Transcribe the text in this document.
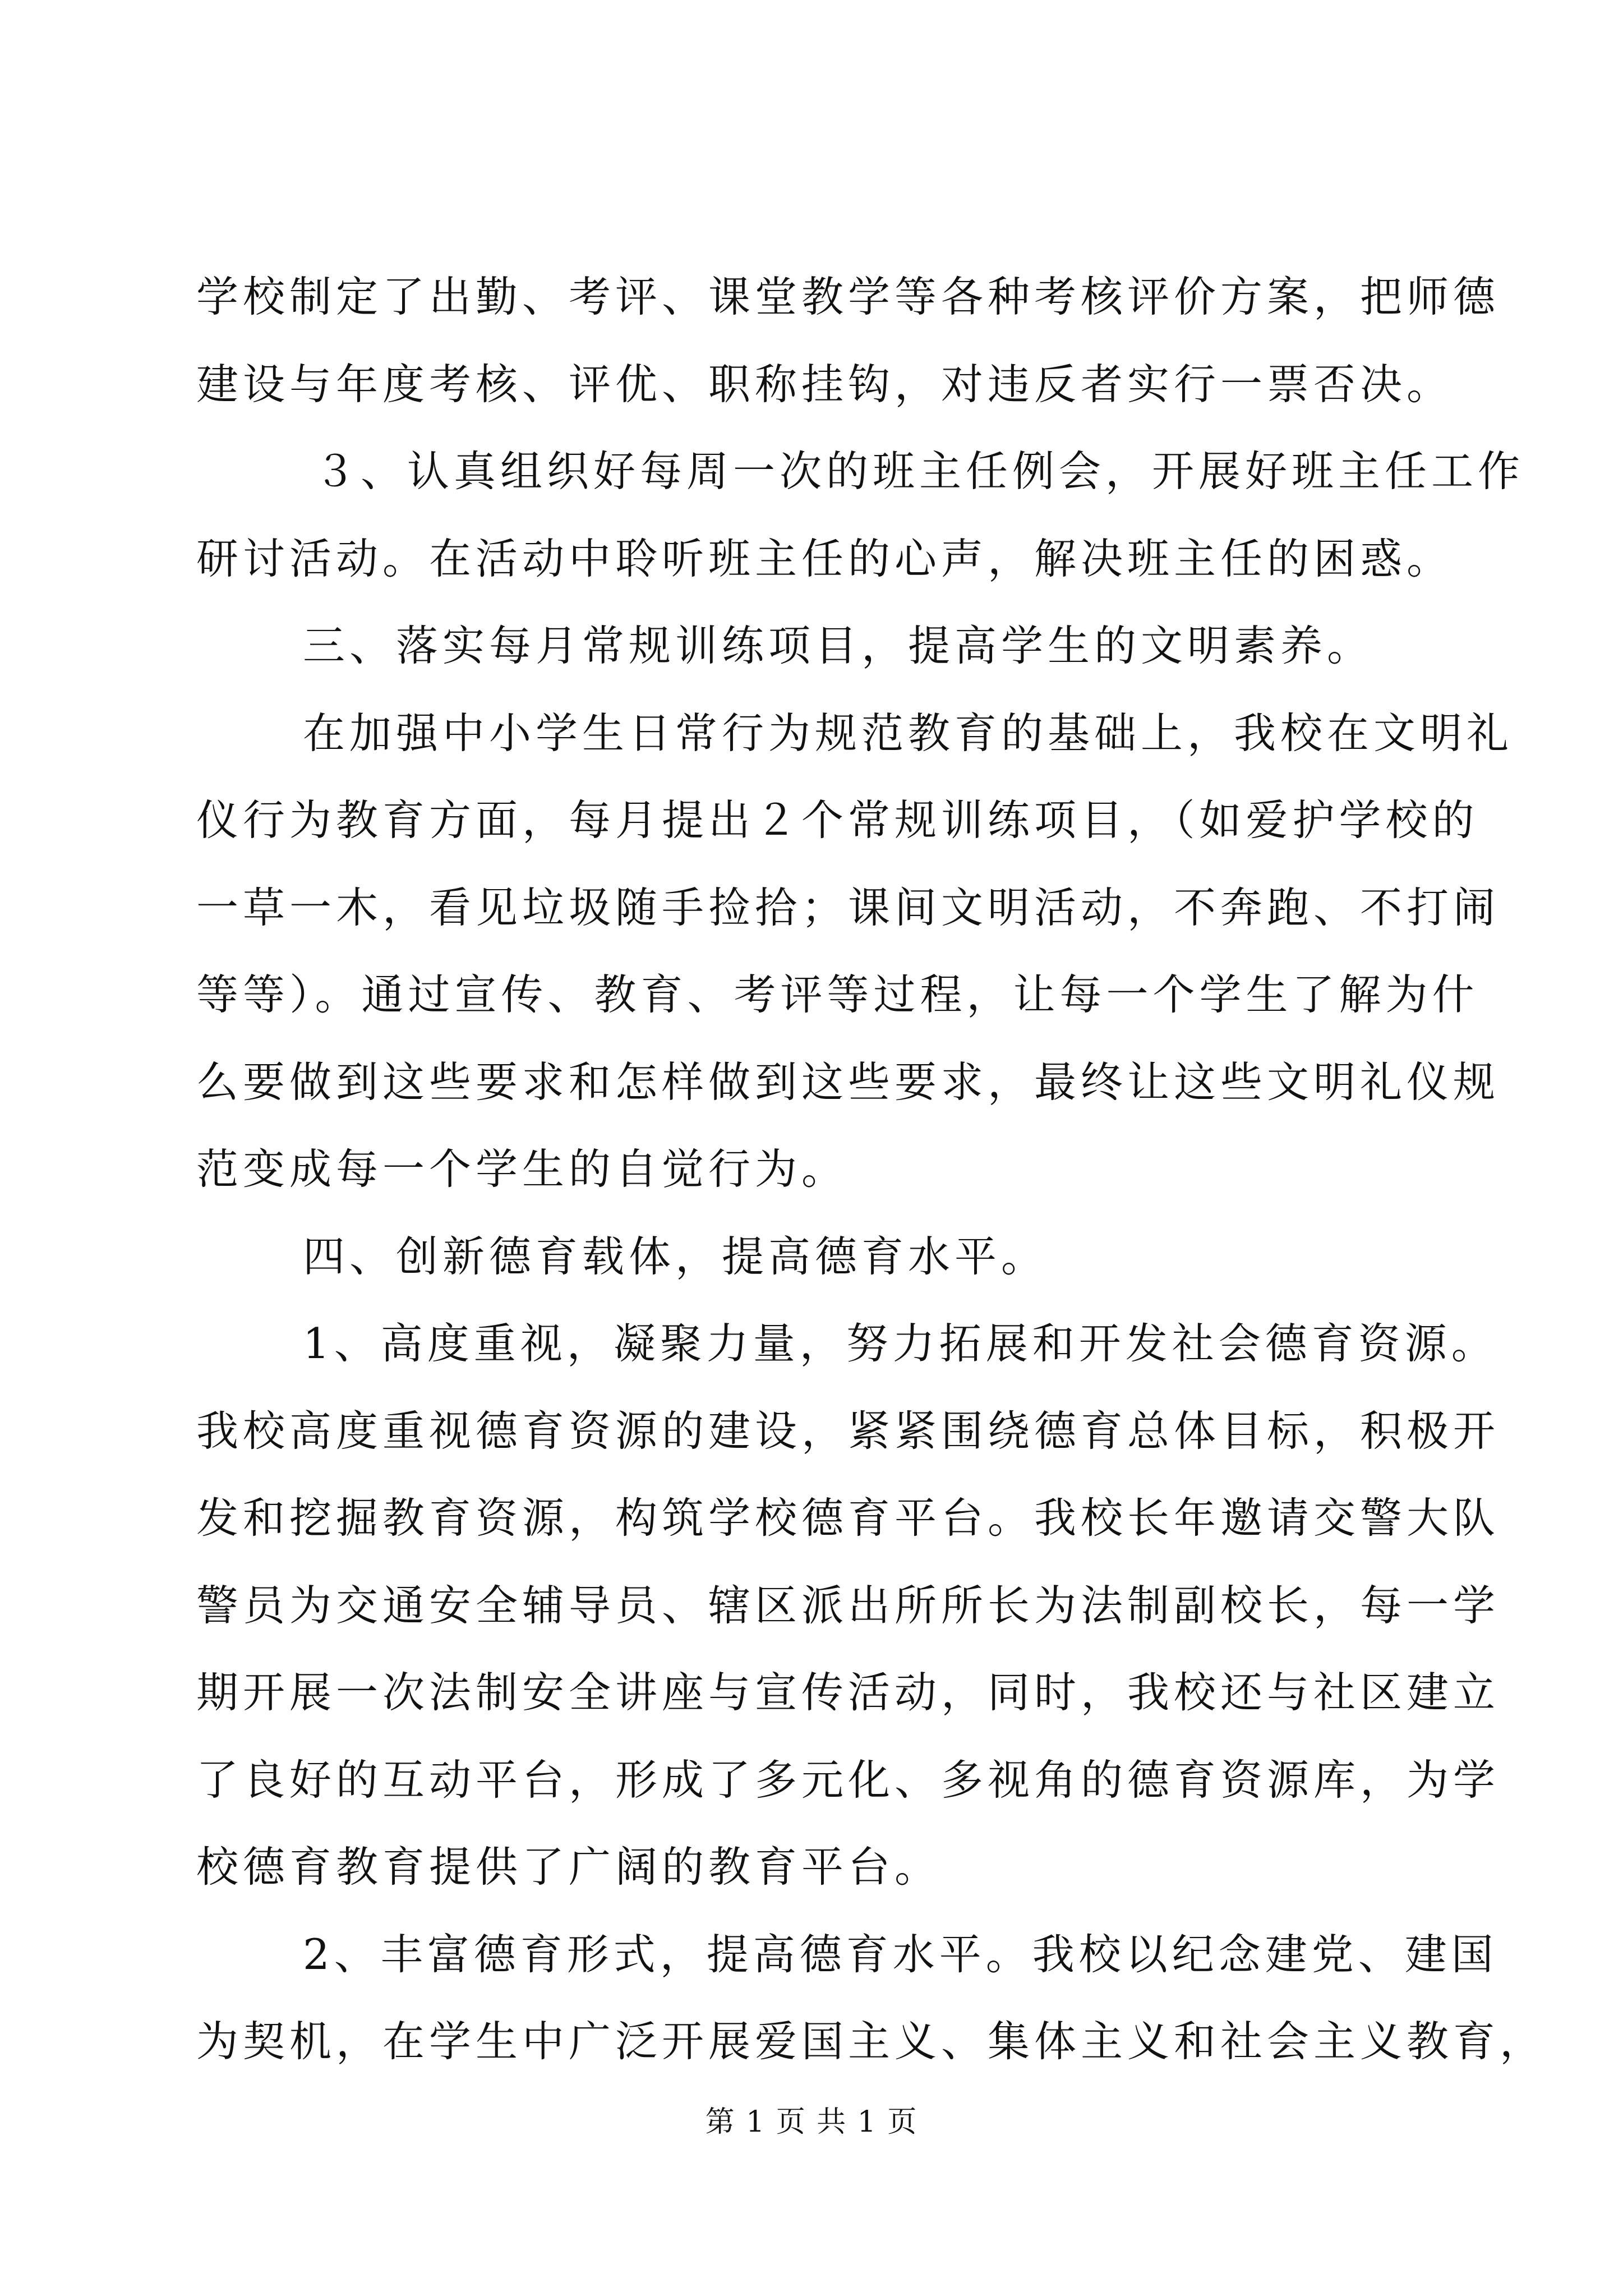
学校制定了出勤、考评、课堂教学等各种考核评价方案，把师德
建设与年度考核、评优、职称挂钩，对违反者实行一票否决。
３、认真组织好每周一次的班主任例会，开展好班主任工作
研讨活动。在活动中聆听班主任的心声，解决班主任的困惑。
三、落实每月常规训练项目，提高学生的文明素养。
在加强中小学生日常行为规范教育的基础上，我校在文明礼
仪行为教育方面，每月提出２个常规训练项目，（如爱护学校的
一草一木，看见垃圾随手捡拾；课间文明活动，不奔跑、不打闹
等等）。通过宣传、教育、考评等过程，让每一个学生了解为什
么要做到这些要求和怎样做到这些要求，最终让这些文明礼仪规
范变成每一个学生的自觉行为。
四、创新德育载体，提高德育水平。
1、高度重视，凝聚力量，努力拓展和开发社会德育资源。
我校高度重视德育资源的建设，紧紧围绕德育总体目标，积极开
发和挖掘教育资源，构筑学校德育平台。我校长年邀请交警大队
警员为交通安全辅导员、辖区派出所所长为法制副校长，每一学
期开展一次法制安全讲座与宣传活动，同时，我校还与社区建立
了良好的互动平台，形成了多元化、多视角的德育资源库，为学
校德育教育提供了广阔的教育平台。
2、丰富德育形式，提高德育水平。我校以纪念建党、建国
为契机，在学生中广泛开展爱国主义、集体主义和社会主义教育，
第 1 页 共 1 页
